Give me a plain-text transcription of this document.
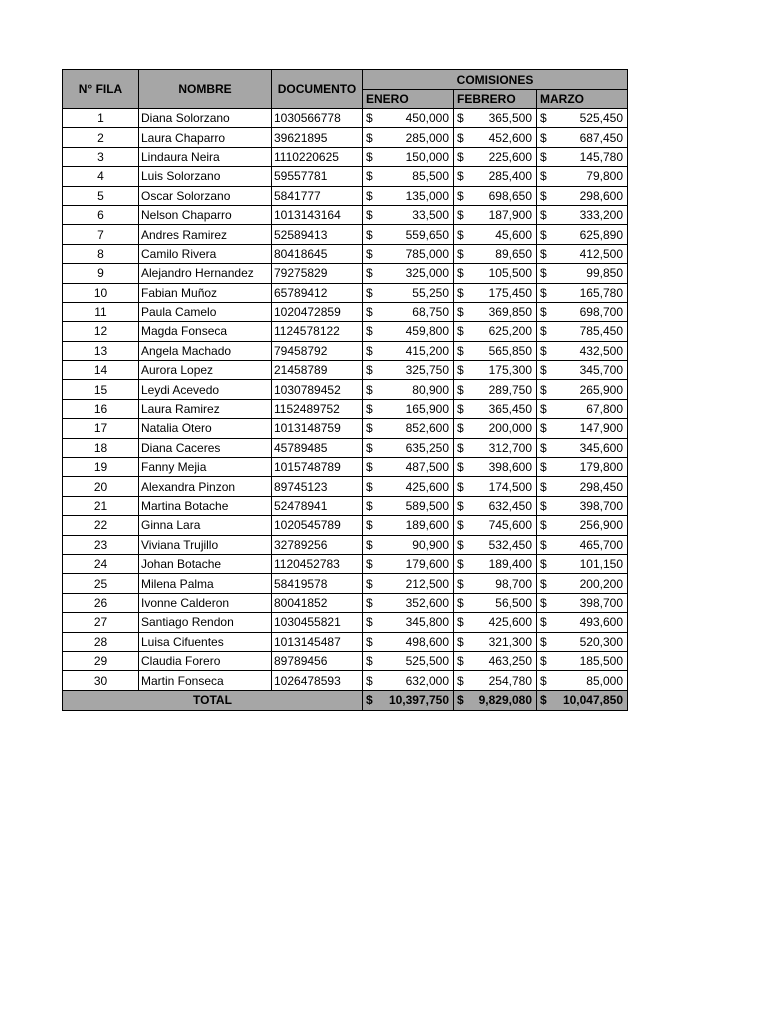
N° FILA	NOMBRE	DOCUMENTO	COMISIONES		
			ENERO	FEBRERO	MARZO
1	Diana Solorzano	1030566778	$ 450,000	$ 365,500	$ 525,450

2	Laura Chaparro	39621895	$ 285,000	$ 452,600	$ 687,450

3	Lindaura Neira	1110220625	$ 150,000	$ 225,600	$ 145,780

4	Luis Solorzano	59557781	$ 85,500	$ 285,400	$ 79,800

5	Oscar Solorzano	5841777	$ 135,000	$ 698,650	$ 298,600

6	Nelson Chaparro	1013143164	$ 33,500	$ 187,900	$ 333,200

7	Andres Ramirez	52589413	$ 559,650	$ 45,600	$ 625,890

8	Camilo Rivera	80418645	$ 785,000	$ 89,650	$ 412,500

9	Alejandro Hernandez	79275829	$ 325,000	$ 105,500	$ 99,850

10	Fabian Muñoz	65789412	$ 55,250	$ 175,450	$ 165,780

11	Paula Camelo	1020472859	$ 68,750	$ 369,850	$ 698,700

12	Magda Fonseca	1124578122	$ 459,800	$ 625,200	$ 785,450

13	Angela Machado	79458792	$ 415,200	$ 565,850	$ 432,500

14	Aurora Lopez	21458789	$ 325,750	$ 175,300	$ 345,700

15	Leydi Acevedo	1030789452	$ 80,900	$ 289,750	$ 265,900

16	Laura Ramirez	1152489752	$ 165,900	$ 365,450	$ 67,800

17	Natalia Otero	1013148759	$ 852,600	$ 200,000	$ 147,900

18	Diana Caceres	45789485	$ 635,250	$ 312,700	$ 345,600

19	Fanny Mejia	1015748789	$ 487,500	$ 398,600	$ 179,800

20	Alexandra Pinzon	89745123	$ 425,600	$ 174,500	$ 298,450

21	Martina Botache	52478941	$ 589,500	$ 632,450	$ 398,700

22	Ginna Lara	1020545789	$ 189,600	$ 745,600	$ 256,900

23	Viviana Trujillo	32789256	$ 90,900	$ 532,450	$ 465,700

24	Johan Botache	1120452783	$ 179,600	$ 189,400	$ 101,150

25	Milena Palma	58419578	$ 212,500	$ 98,700	$ 200,200

26	Ivonne Calderon	80041852	$ 352,600	$ 56,500	$ 398,700

27	Santiago Rendon	1030455821	$ 345,800	$ 425,600	$ 493,600

28	Luisa Cifuentes	1013145487	$ 498,600	$ 321,300	$ 520,300

29	Claudia Forero	89789456	$ 525,500	$ 463,250	$ 185,500

30	Martin Fonseca	1026478593	$ 632,000	$ 254,780	$ 85,000

TOTAL			$ 10,397,750	$ 9,829,080	$ 10,047,850
